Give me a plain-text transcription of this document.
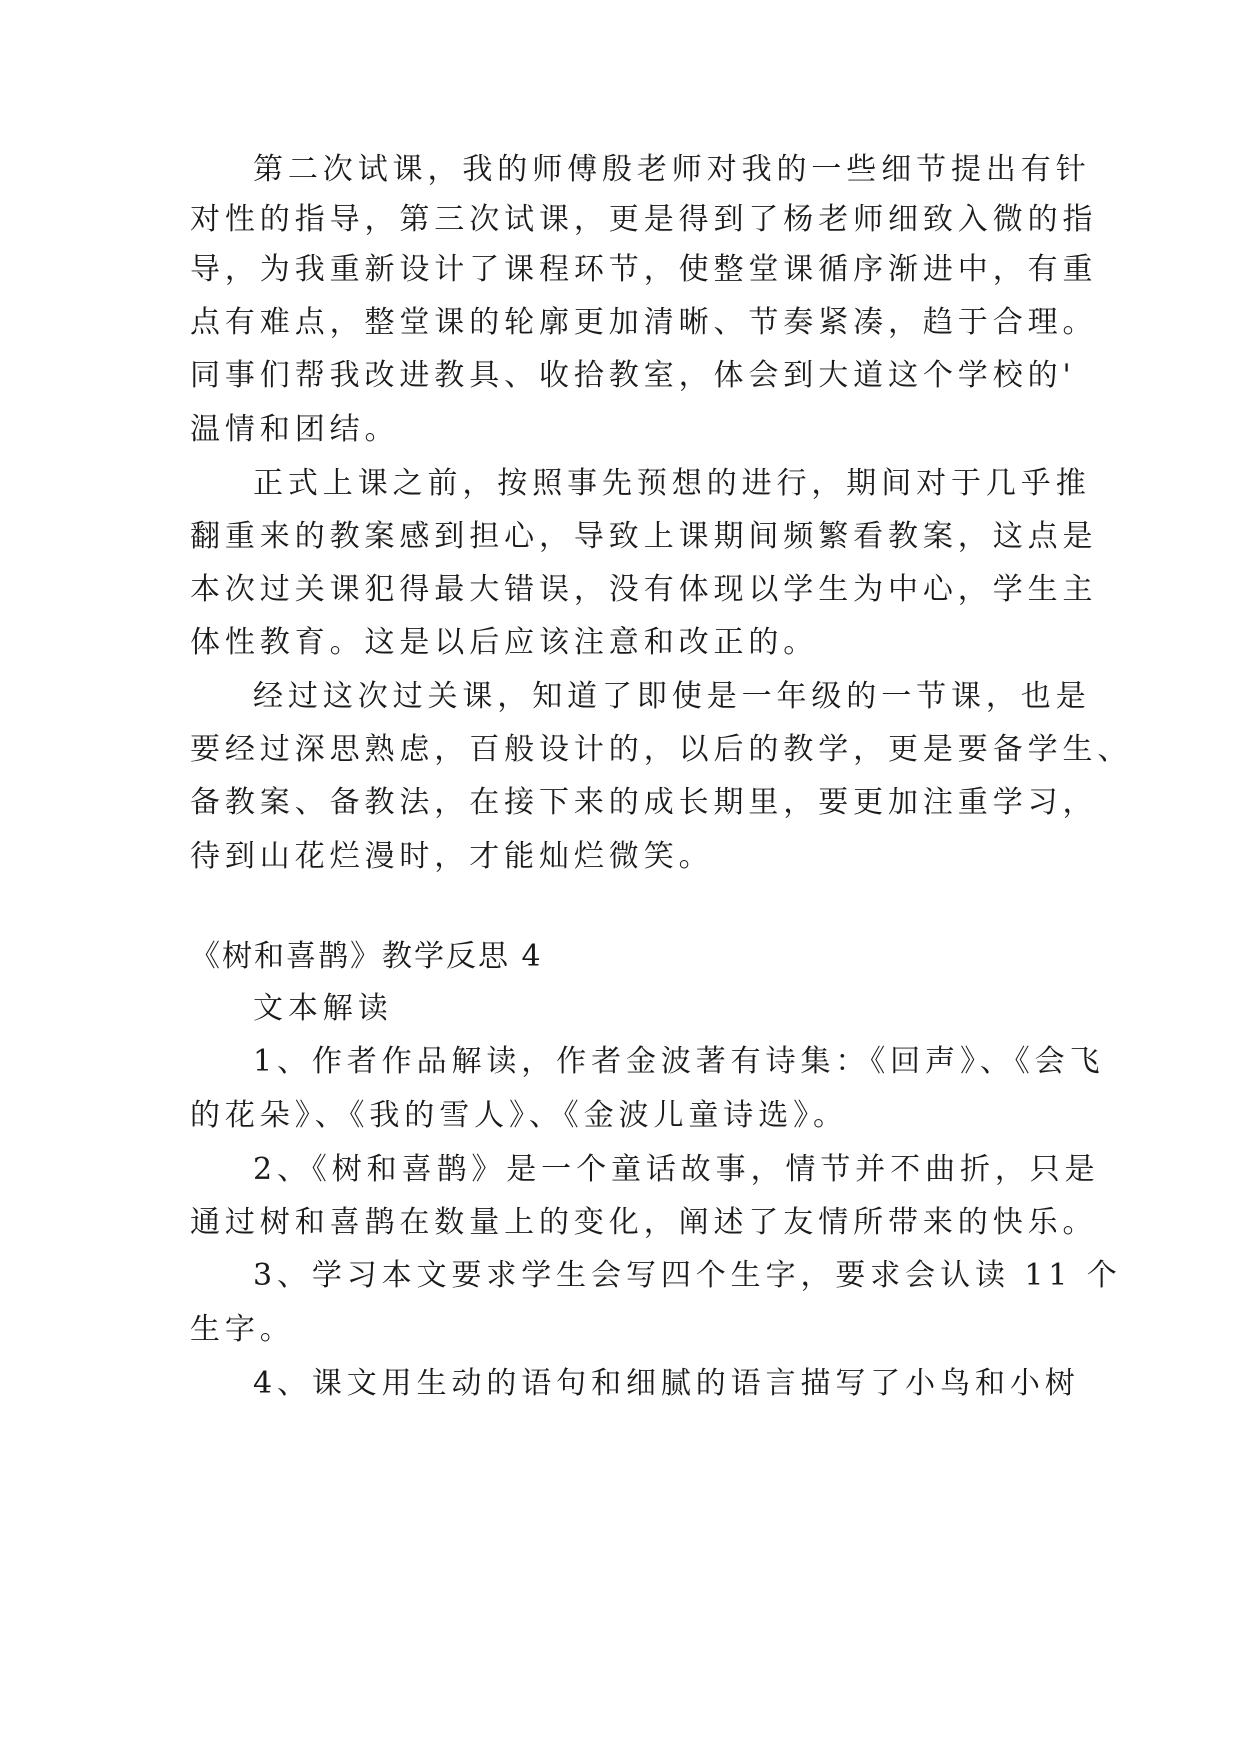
第二次试课，我的师傅殷老师对我的一些细节提出有针
对性的指导，第三次试课，更是得到了杨老师细致入微的指
导，为我重新设计了课程环节，使整堂课循序渐进中，有重
点有难点，整堂课的轮廓更加清晰、节奏紧凑，趋于合理。
同事们帮我改进教具、收拾教室，体会到大道这个学校的'
温情和团结。
正式上课之前，按照事先预想的进行，期间对于几乎推
翻重来的教案感到担心，导致上课期间频繁看教案，这点是
本次过关课犯得最大错误，没有体现以学生为中心，学生主
体性教育。这是以后应该注意和改正的。
经过这次过关课，知道了即使是一年级的一节课，也是
要经过深思熟虑，百般设计的，以后的教学，更是要备学生、
备教案、备教法，在接下来的成长期里，要更加注重学习，
待到山花烂漫时，才能灿烂微笑。
《树和喜鹊》教学反思 4
文本解读
1、作者作品解读，作者金波著有诗集：《回声》、《会飞
的花朵》、《我的雪人》、《金波儿童诗选》。
2、《树和喜鹊》是一个童话故事，情节并不曲折，只是
通过树和喜鹊在数量上的变化，阐述了友情所带来的快乐。
3、学习本文要求学生会写四个生字，要求会认读 11 个
生字。
4、课文用生动的语句和细腻的语言描写了小鸟和小树
